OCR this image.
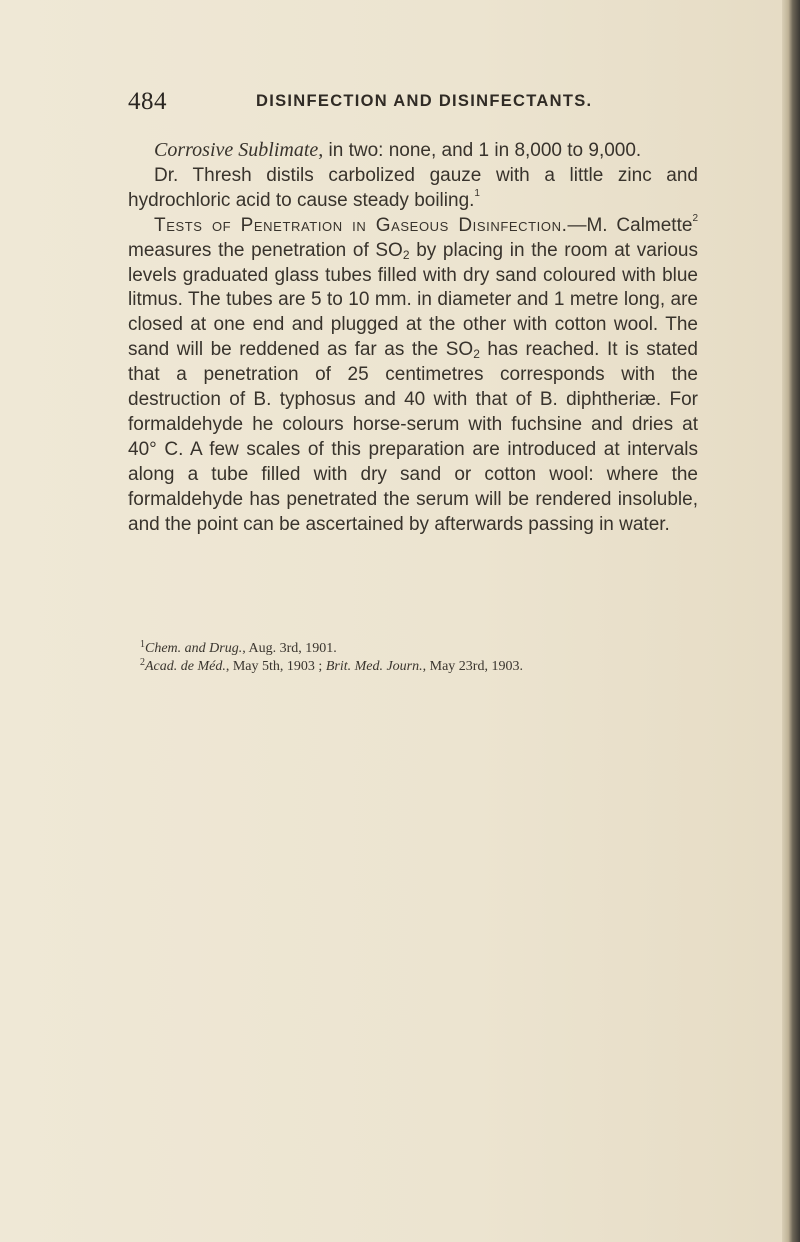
484	DISINFECTION AND DISINFECTANTS.

Corrosive Sublimate, in two: none, and 1 in 8,000 to 9,000.

Dr. Thresh distils carbolized gauze with a little zinc and hydrochloric acid to cause steady boiling.$^1$

Tests of Penetration in Gaseous Disinfection.—M. Calmette$^2$ measures the penetration of $SO_2$ by placing in the room at various levels graduated glass tubes filled with dry sand coloured with blue litmus. The tubes are 5 to 10 mm. in diameter and 1 metre long, are closed at one end and plugged at the other with cotton wool. The sand will be reddened as far as the $SO_2$ has reached. It is stated that a penetration of 25 centimetres corresponds with the destruction of B. typhosus and 40 with that of B. diphtheriæ. For formaldehyde he colours horse-serum with fuchsine and dries at 40° C. A few scales of this preparation are introduced at intervals along a tube filled with dry sand or cotton wool: where the formaldehyde has penetrated the serum will be rendered insoluble, and the point can be ascertained by afterwards passing in water.

$^1$Chem. and Drug., Aug. 3rd, 1901.

$^2$Acad. de Méd., May 5th, 1903 ; Brit. Med. Journ., May 23rd, 1903.
